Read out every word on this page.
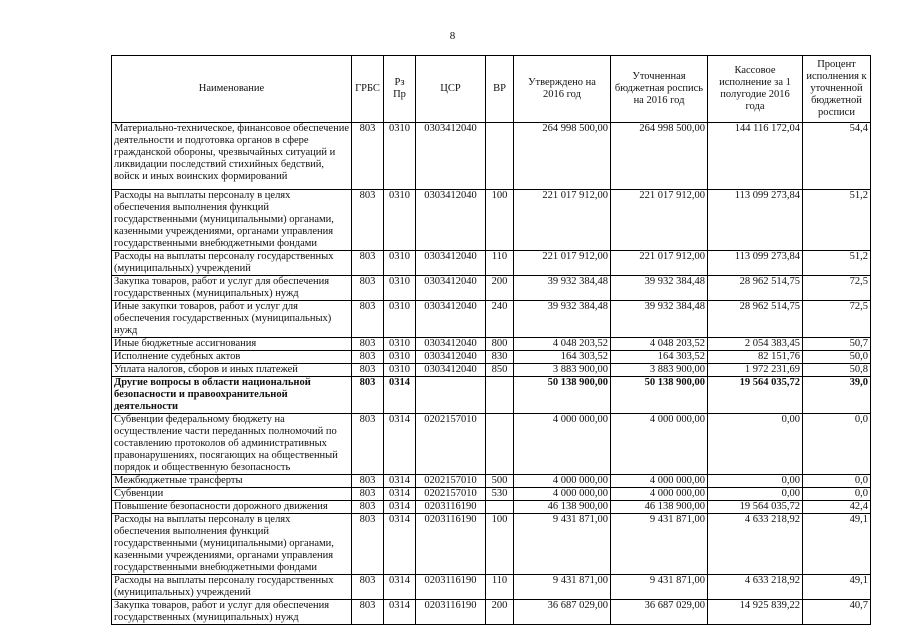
8
Наименование	ГРБС	Рз Пр	ЦСР	ВР	Утверждено на 2016 год	Уточненная бюджетная роспись на 2016 год	Кассовое исполнение за 1 полугодие 2016 года	Процент исполнения к уточненной бюджетной росписи
Материально-техническое, финансовое обеспечение деятельности и подготовка органов в сфере гражданской обороны, чрезвычайных ситуаций и ликвидации последствий стихийных бедствий, войск и иных воинских формирований	803	0310	0303412040		264 998 500,00	264 998 500,00	144 116 172,04	54,4
Расходы на выплаты персоналу в целях обеспечения выполнения функций государственными (муниципальными) органами, казенными учреждениями, органами управления государственными внебюджетными фондами	803	0310	0303412040	100	221 017 912,00	221 017 912,00	113 099 273,84	51,2
Расходы на выплаты персоналу государственных (муниципальных) учреждений	803	0310	0303412040	110	221 017 912,00	221 017 912,00	113 099 273,84	51,2
Закупка товаров, работ и услуг для обеспечения государственных (муниципальных) нужд	803	0310	0303412040	200	39 932 384,48	39 932 384,48	28 962 514,75	72,5
Иные закупки товаров, работ и услуг для обеспечения государственных (муниципальных) нужд	803	0310	0303412040	240	39 932 384,48	39 932 384,48	28 962 514,75	72,5
Иные бюджетные ассигнования	803	0310	0303412040	800	4 048 203,52	4 048 203,52	2 054 383,45	50,7
Исполнение судебных актов	803	0310	0303412040	830	164 303,52	164 303,52	82 151,76	50,0
Уплата налогов, сборов и иных платежей	803	0310	0303412040	850	3 883 900,00	3 883 900,00	1 972 231,69	50,8
Другие вопросы в области национальной безопасности и правоохранительной деятельности	803	0314			50 138 900,00	50 138 900,00	19 564 035,72	39,0
Субвенции федеральному бюджету на осуществление части переданных полномочий по составлению протоколов об административных правонарушениях, посягающих на общественный порядок и общественную безопасность	803	0314	0202157010		4 000 000,00	4 000 000,00	0,00	0,0
Межбюджетные трансферты	803	0314	0202157010	500	4 000 000,00	4 000 000,00	0,00	0,0
Субвенции	803	0314	0202157010	530	4 000 000,00	4 000 000,00	0,00	0,0
Повышение безопасности дорожного движения	803	0314	0203116190		46 138 900,00	46 138 900,00	19 564 035,72	42,4
Расходы на выплаты персоналу в целях обеспечения выполнения функций государственными (муниципальными) органами, казенными учреждениями, органами управления государственными внебюджетными фондами	803	0314	0203116190	100	9 431 871,00	9 431 871,00	4 633 218,92	49,1
Расходы на выплаты персоналу государственных (муниципальных) учреждений	803	0314	0203116190	110	9 431 871,00	9 431 871,00	4 633 218,92	49,1
Закупка товаров, работ и услуг для обеспечения государственных (муниципальных) нужд	803	0314	0203116190	200	36 687 029,00	36 687 029,00	14 925 839,22	40,7
